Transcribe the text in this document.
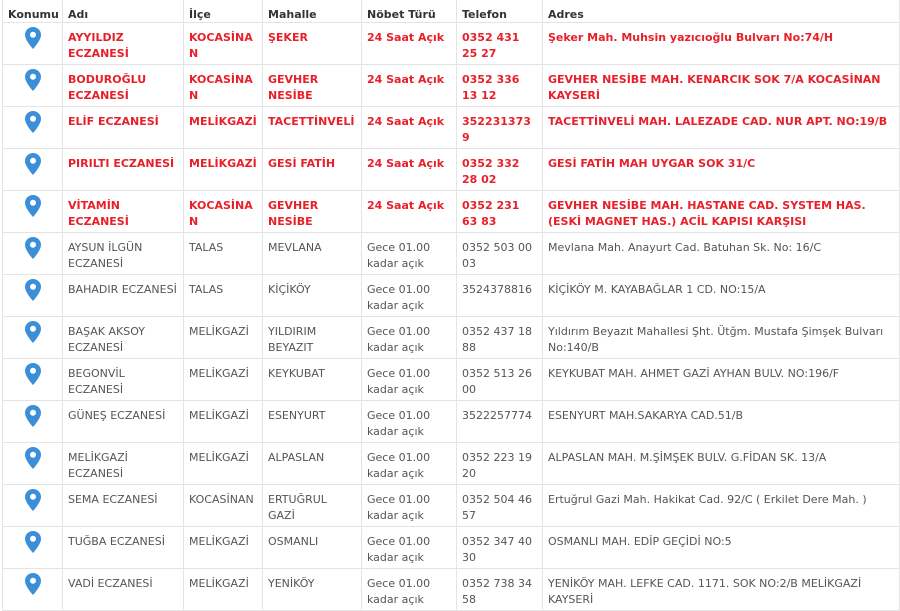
Konumu	Adı	İlçe	Mahalle	Nöbet Türü	Telefon	Adres
	AYYILDIZ ECZANESİ	KOCASİNAN	ŞEKER	24 Saat Açık	0352 431 25 27	Şeker Mah. Muhsin yazıcıoğlu Bulvarı No:74/H
	BODUROĞLU ECZANESİ	KOCASİNAN	GEVHER NESİBE	24 Saat Açık	0352 336 13 12	GEVHER NESİBE MAH. KENARCIK SOK 7/A KOCASİNAN KAYSERİ
	ELİF ECZANESİ	MELİKGAZİ	TACETTİNVELİ	24 Saat Açık	3522313739	TACETTİNVELİ MAH. LALEZADE CAD. NUR APT. NO:19/B
	PIRILTI ECZANESİ	MELİKGAZİ	GESİ FATİH	24 Saat Açık	0352 332 28 02	GESİ FATİH MAH UYGAR SOK 31/C
	VİTAMİN ECZANESİ	KOCASİNAN	GEVHER NESİBE	24 Saat Açık	0352 231 63 83	GEVHER NESİBE MAH. HASTANE CAD. SYSTEM HAS.(ESKİ MAGNET HAS.) ACİL KAPISI KARŞISI
	AYSUN İLGÜN ECZANESİ	TALAS	MEVLANA	Gece 01.00 kadar açık	0352 503 00 03	Mevlana Mah. Anayurt Cad. Batuhan Sk. No: 16/C
	BAHADIR ECZANESİ	TALAS	KİÇİKÖY	Gece 01.00 kadar açık	3524378816	KİÇİKÖY M. KAYABAĞLAR 1 CD. NO:15/A
	BAŞAK AKSOY ECZANESİ	MELİKGAZİ	YILDIRIM BEYAZIT	Gece 01.00 kadar açık	0352 437 18 88	Yıldırım Beyazıt Mahallesi Şht. Ütğm. Mustafa Şimşek Bulvarı No:140/B
	BEGONVİL ECZANESİ	MELİKGAZİ	KEYKUBAT	Gece 01.00 kadar açık	0352 513 26 00	KEYKUBAT MAH. AHMET GAZİ AYHAN BULV. NO:196/F
	GÜNEŞ ECZANESİ	MELİKGAZİ	ESENYURT	Gece 01.00 kadar açık	3522257774	ESENYURT MAH.SAKARYA CAD.51/B
	MELİKGAZİ ECZANESİ	MELİKGAZİ	ALPASLAN	Gece 01.00 kadar açık	0352 223 19 20	ALPASLAN MAH. M.ŞİMŞEK BULV. G.FİDAN SK. 13/A
	SEMA ECZANESİ	KOCASİNAN	ERTUĞRUL GAZİ	Gece 01.00 kadar açık	0352 504 46 57	Ertuğrul Gazi Mah. Hakikat Cad. 92/C ( Erkilet Dere Mah. )
	TUĞBA ECZANESİ	MELİKGAZİ	OSMANLI	Gece 01.00 kadar açık	0352 347 40 30	OSMANLI MAH. EDİP GEÇİDİ NO:5
	VADİ ECZANESİ	MELİKGAZİ	YENİKÖY	Gece 01.00 kadar açık	0352 738 34 58	YENİKÖY MAH. LEFKE CAD. 1171. SOK NO:2/B MELİKGAZİ KAYSERİ
